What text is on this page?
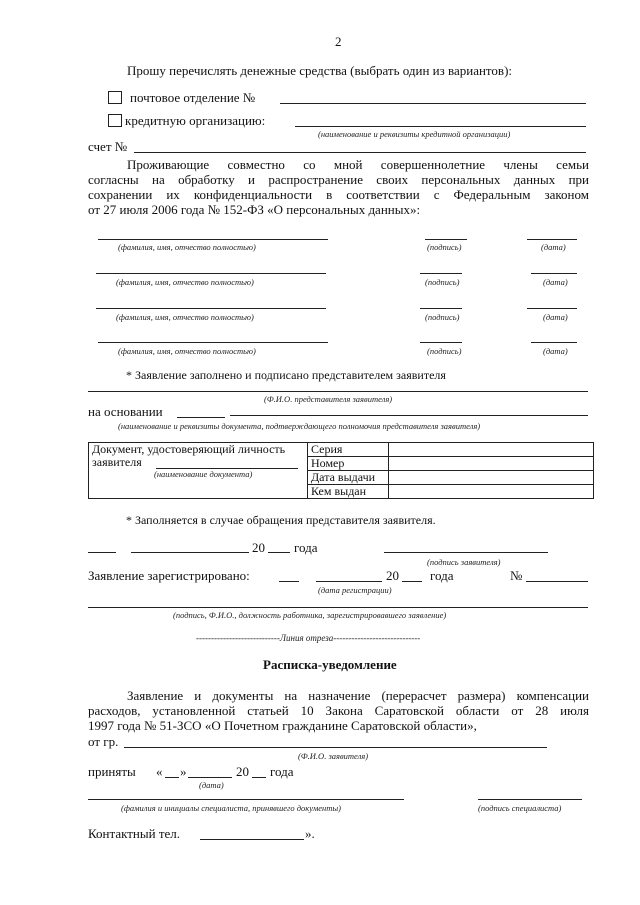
2
Прошу перечислять денежные средства (выбрать один из вариантов):
почтовое отделение №
кредитную организацию:
(наименование и реквизиты кредитной организации)
счет №
Проживающие совместно со мной совершеннолетние члены семьи
согласны на обработку и распространение своих персональных данных при
сохранении их конфиденциальности в соответствии с Федеральным законом
от 27 июля 2006 года № 152-ФЗ «О персональных данных»:
(фамилия, имя, отчество полностью)	(подпись)	(дата)
(фамилия, имя, отчество полностью)	(подпись)	(дата)
(фамилия, имя, отчество полностью)	(подпись)	(дата)
(фамилия, имя, отчество полностью)	(подпись)	(дата)
* Заявление заполнено и подписано представителем заявителя
(Ф.И.О. представителя заявителя)
на основании
(наименование и реквизиты документа, подтверждающего полномочия представителя заявителя)
Документ, удостоверяющий личность
заявителя
(наименование документа)	Серия	
	Номер	
	Дата выдачи	
	Кем выдан	
* Заполняется в случае обращения представителя заявителя.
20 года
(подпись заявителя)
Заявление зарегистрировано:	20 года	№
(дата регистрации)
(подпись, Ф.И.О., должность работника, зарегистрировавшего заявление)
----------------------------Линия отреза-----------------------------
Расписка-уведомление
Заявление и документы на назначение (перерасчет размера) компенсации
расходов, установленной статьей 10 Закона Саратовской области от 28 июля
1997 года № 51-ЗСО «О Почетном гражданине Саратовской области»,
от гр.
(Ф.И.О. заявителя)
приняты « »	20 года
(дата)
(фамилия и инициалы специалиста, принявшего документы)	(подпись специалиста)
Контактный тел.	».
